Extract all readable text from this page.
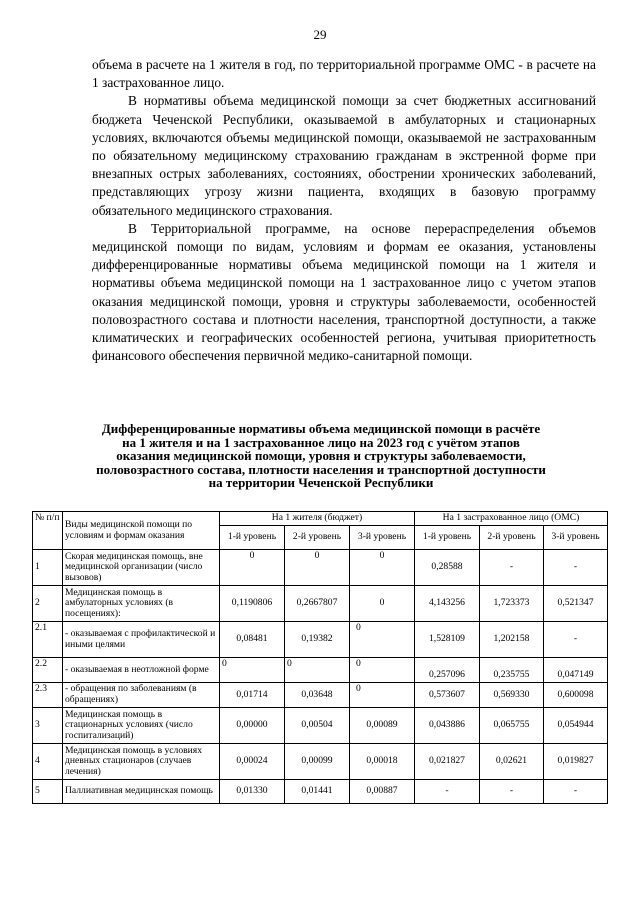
29

объема в расчете на 1 жителя в год, по территориальной программе ОМС - в расчете на 1 застрахованное лицо.

В нормативы объема медицинской помощи за счет бюджетных ассигнований бюджета Чеченской Республики, оказываемой в амбулаторных и стационарных условиях, включаются объемы медицинской помощи, оказываемой не застрахованным по обязательному медицинскому страхованию гражданам в экстренной форме при внезапных острых заболеваниях, состояниях, обострении хронических заболеваний, представляющих угрозу жизни пациента, входящих в базовую программу обязательного медицинского страхования.

В Территориальной программе, на основе перераспределения объемов медицинской помощи по видам, условиям и формам ее оказания, установлены дифференцированные нормативы объема медицинской помощи на 1 жителя и нормативы объема медицинской помощи на 1 застрахованное лицо с учетом этапов оказания медицинской помощи, уровня и структуры заболеваемости, особенностей половозрастного состава и плотности населения, транспортной доступности, а также климатических и географических особенностей региона, учитывая приоритетность финансового обеспечения первичной медико-санитарной помощи.

Дифференцированные нормативы объема медицинской помощи в расчёте на 1 жителя и на 1 застрахованное лицо на 2023 год с учётом этапов оказания медицинской помощи, уровня и структуры заболеваемости, половозрастного состава, плотности населения и транспортной доступности на территории Чеченской Республики
№ п/п	Виды медицинской помощи по условиям и формам оказания	На 1 жителя (бюджет)			На 1 застрахованное лицо (ОМС)		
		1-й уровень	2-й уровень	3-й уровень	1-й уровень	2-й уровень	3-й уровень
1	Скорая медицинская помощь, вне медицинской организации (число вызовов)	0	0	0	0,28588	-	-
2	Медицинская помощь в амбулаторных условиях (в посещениях):	0,1190806	0,2667807	0	4,143256	1,723373	0,521347
2.1	- оказываемая с профилактической и иными целями	0,08481	0,19382	0	1,528109	1,202158	-
2.2	- оказываемая в неотложной форме	0	0	0	0,257096	0,235755	0,047149
2.3	- обращения по заболеваниям (в обращениях)	0,01714	0,03648	0	0,573607	0,569330	0,600098
3	Медицинская помощь в стационарных условиях (число госпитализаций)	0,00000	0,00504	0,00089	0,043886	0,065755	0,054944
4	Медицинская помощь в условиях дневных стационаров (случаев лечения)	0,00024	0,00099	0,00018	0,021827	0,02621	0,019827
5	Паллиативная медицинская помощь	0,01330	0,01441	0,00887	-	-	-
